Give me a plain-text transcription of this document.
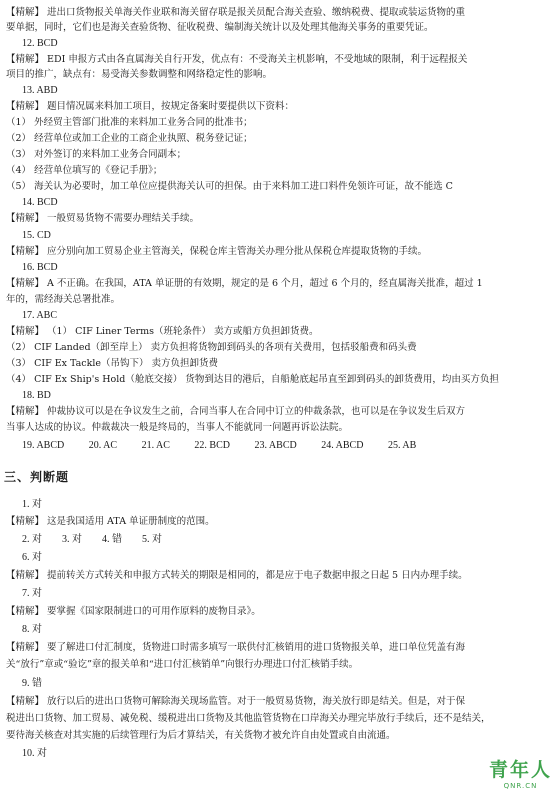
【精解】 进出口货物报关单海关作业联和海关留存联是报关员配合海关查验、缴纳税费、提取或装运货物的重
要单据，同时，它们也是海关查验货物、征收税费、编制海关统计以及处理其他海关事务的重要凭证。
12. BCD
【精解】 EDI 申报方式由各直属海关自行开发，优点有：不受海关主机影响，不受地域的限制，利于远程报关
项目的推广，缺点有：易受海关参数调整和网络稳定性的影响。
13. ABD
【精解】 题目情况属来料加工项目，按规定备案时要提供以下资料：
（1） 外经贸主管部门批准的来料加工业务合同的批准书；
（2） 经营单位或加工企业的工商企业执照、税务登记证；
（3） 对外签订的来料加工业务合同副本；
（4） 经营单位填写的《登记手册》；
（5） 海关认为必要时，加工单位应提供海关认可的担保。由于来料加工进口料件免领许可证，故不能选 C
14. BCD
【精解】 一般贸易货物不需要办理结关手续。
15. CD
【精解】 应分别向加工贸易企业主管海关，保税仓库主管海关办理分批从保税仓库提取货物的手续。
16. BCD
【精解】 A 不正确。在我国，ATA 单证册的有效期，规定的是 6 个月，超过 6 个月的，经直属海关批准，超过 1
年的，需经海关总署批准。
17. ABC
【精解】 （1） CIF Liner Terms（班轮条件） 卖方或船方负担卸货费。
（2） CIF Landed（卸至岸上） 卖方负担将货物卸到码头的各项有关费用，包括驳船费和码头费
（3） CIF Ex Tackle（吊钩下） 卖方负担卸货费
（4） CIF Ex Ship's Hold（舱底交接） 货物到达目的港后，自船舱底起吊直至卸到码头的卸货费用，均由买方负担
18. BD
【精解】 仲裁协议可以是在争议发生之前，合同当事人在合同中订立的仲裁条款，也可以是在争议发生后双方
当事人达成的协议。仲裁裁决一般是终局的，当事人不能就同一问题再诉讼法院。
19. ABCD 20. AC 21. AC 22. BCD 23. ABCD 24. ABCD 25. AB
三、判断题
1. 对
【精解】 这是我国适用 ATA 单证册制度的范围。
2. 对　　3. 对　　4. 错　　5. 对
6. 对
【精解】 提前转关方式转关和申报方式转关的期限是相同的，都是应于电子数据申报之日起 5 日内办理手续。
7. 对
【精解】 要掌握《国家限制进口的可用作原料的废物目录》。
8. 对
【精解】 要了解进口付汇制度，货物进口时需多填写一联供付汇核销用的进口货物报关单，进口单位凭盖有海
关“放行”章或“验讫”章的报关单和“进口付汇核销单”向银行办理进口付汇核销手续。
9. 错
【精解】 放行以后的进出口货物可解除海关现场监管。对于一般贸易货物，海关放行即是结关。但是，对于保
税进出口货物、加工贸易、减免税、缓税进出口货物及其他监管货物在口岸海关办理完毕放行手续后，还不是结关，
要待海关核查对其实施的后续管理行为后才算结关，有关货物才被允许自由处置或自由流通。
10. 对
青年人
QNR.CN
